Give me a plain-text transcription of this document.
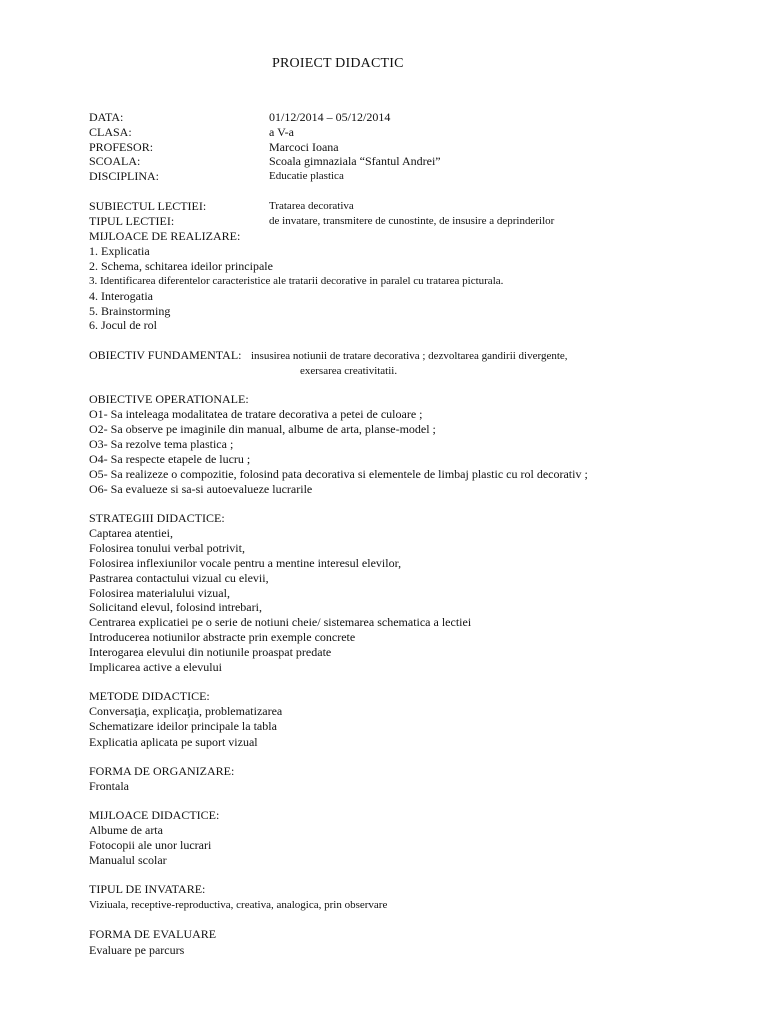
PROIECT DIDACTIC
DATA:	01/12/2014 – 05/12/2014
CLASA:	a V-a
PROFESOR:	Marcoci Ioana
SCOALA:	Scoala gimnaziala “Sfantul Andrei”
DISCIPLINA:	Educatie plastica
SUBIECTUL LECTIEI:	Tratarea decorativa
TIPUL LECTIEI:	de invatare, transmitere de cunostinte, de insusire a deprinderilor
MIJLOACE DE REALIZARE:
1. Explicatia
2. Schema, schitarea ideilor principale
3. Identificarea diferentelor caracteristice ale tratarii decorative in paralel cu tratarea picturala.
4. Interogatia
5. Brainstorming
6. Jocul de rol
OBIECTIV FUNDAMENTAL: insusirea notiunii de tratare decorativa ; dezvoltarea gandirii divergente,
exersarea creativitatii.
OBIECTIVE OPERATIONALE:
O1- Sa inteleaga modalitatea de tratare decorativa a petei de culoare ;
O2- Sa observe pe imaginile din manual, albume de arta, planse-model ;
O3- Sa rezolve tema plastica ;
O4- Sa respecte etapele de lucru ;
O5- Sa realizeze o compozitie, folosind pata decorativa si elementele de limbaj plastic cu rol decorativ ;
O6- Sa evalueze si sa-si autoevalueze lucrarile
STRATEGIII DIDACTICE:
Captarea atentiei,
Folosirea tonului verbal potrivit,
Folosirea inflexiunilor vocale pentru a mentine interesul elevilor,
Pastrarea contactului vizual cu elevii,
Folosirea materialului vizual,
Solicitand elevul, folosind intrebari,
Centrarea explicatiei pe o serie de notiuni cheie/ sistemarea schematica a lectiei
Introducerea notiunilor abstracte prin exemple concrete
Interogarea elevului din notiunile proaspat predate
Implicarea active a elevului
METODE DIDACTICE:
Conversaţia, explicaţia, problematizarea
Schematizare ideilor principale la tabla
Explicatia aplicata pe suport vizual
FORMA DE ORGANIZARE:
Frontala
MIJLOACE DIDACTICE:
Albume de arta
Fotocopii ale unor lucrari
Manualul scolar
TIPUL DE INVATARE:
Viziuala, receptive-reproductiva, creativa, analogica, prin observare
FORMA DE EVALUARE
Evaluare pe parcurs
